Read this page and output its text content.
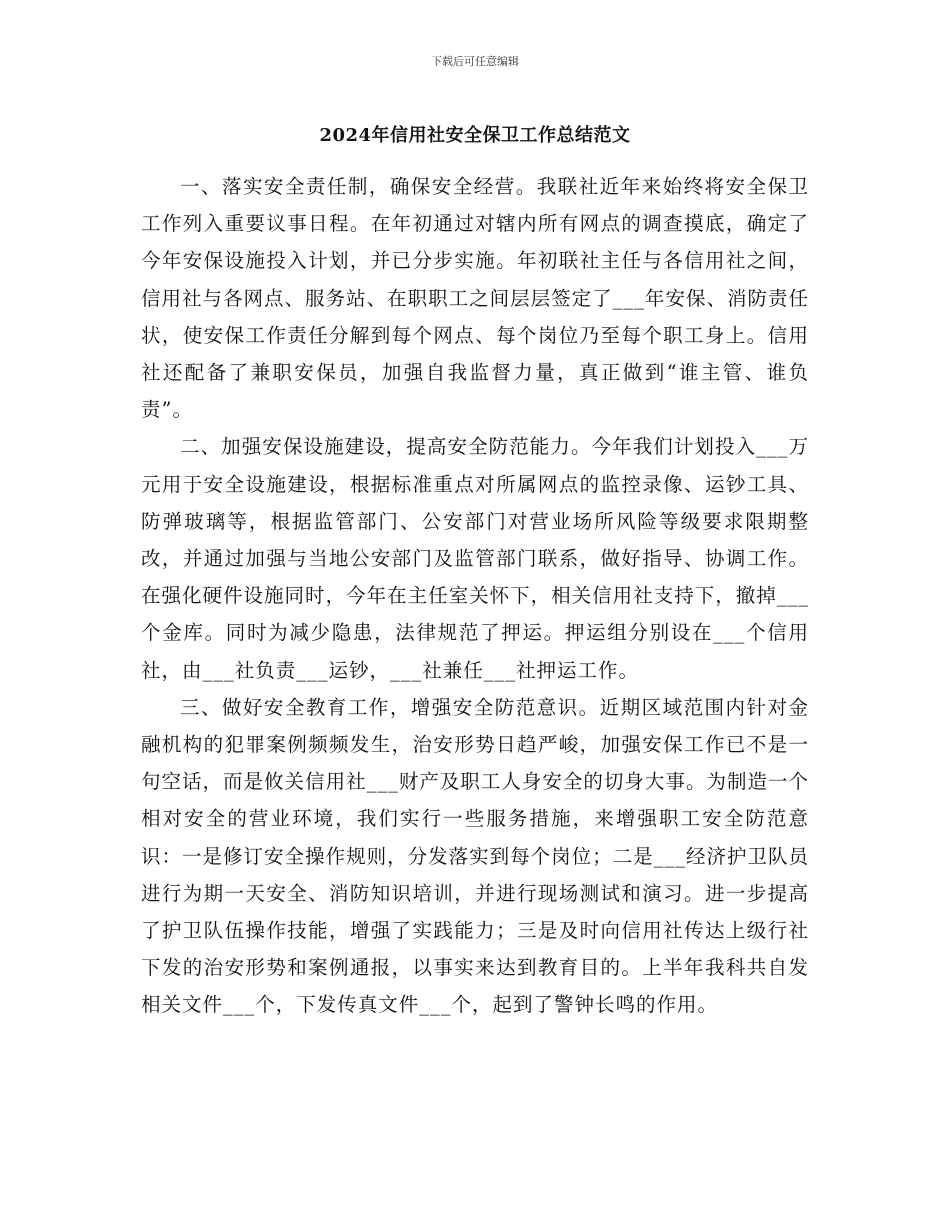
下载后可任意编辑
2024年信用社安全保卫工作总结范文

一、落实安全责任制，确保安全经营。我联社近年来始终将安全保卫工作列入重要议事日程。在年初通过对辖内所有网点的调查摸底，确定了今年安保设施投入计划，并已分步实施。年初联社主任与各信用社之间，信用社与各网点、服务站、在职职工之间层层签定了___年安保、消防责任状，使安保工作责任分解到每个网点、每个岗位乃至每个职工身上。信用社还配备了兼职安保员，加强自我监督力量，真正做到“谁主管、谁负责”。

二、加强安保设施建设，提高安全防范能力。今年我们计划投入___万元用于安全设施建设，根据标准重点对所属网点的监控录像、运钞工具、防弹玻璃等，根据监管部门、公安部门对营业场所风险等级要求限期整改，并通过加强与当地公安部门及监管部门联系，做好指导、协调工作。在强化硬件设施同时，今年在主任室关怀下，相关信用社支持下，撤掉___个金库。同时为减少隐患，法律规范了押运。押运组分别设在___个信用社，由___社负责___运钞，___社兼任___社押运工作。

三、做好安全教育工作，增强安全防范意识。近期区域范围内针对金融机构的犯罪案例频频发生，治安形势日趋严峻，加强安保工作已不是一句空话，而是攸关信用社___财产及职工人身安全的切身大事。为制造一个相对安全的营业环境，我们实行一些服务措施，来增强职工安全防范意识：一是修订安全操作规则，分发落实到每个岗位；二是___经济护卫队员进行为期一天安全、消防知识培训，并进行现场测试和演习。进一步提高了护卫队伍操作技能，增强了实践能力；三是及时向信用社传达上级行社下发的治安形势和案例通报，以事实来达到教育目的。上半年我科共自发相关文件___个，下发传真文件___个，起到了警钟长鸣的作用。
